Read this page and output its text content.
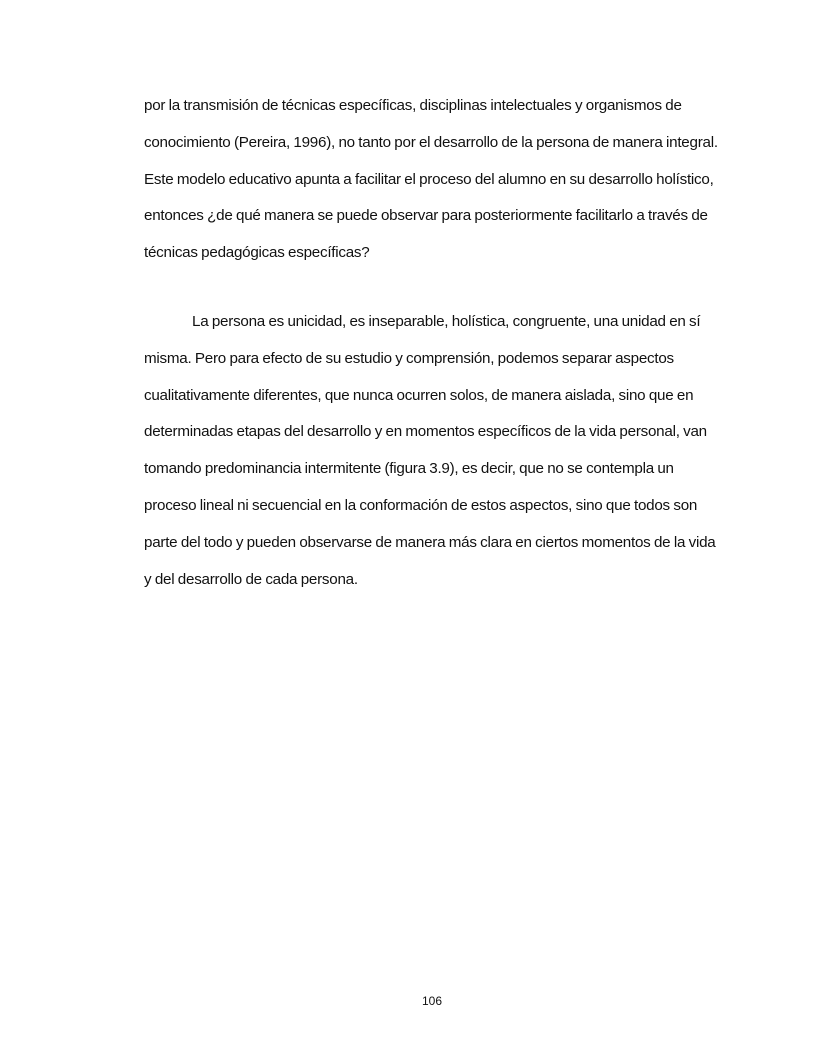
por la transmisión de técnicas específicas, disciplinas intelectuales y organismos de
conocimiento (Pereira, 1996), no tanto por el desarrollo de la persona de manera integral.
Este modelo educativo apunta a facilitar el proceso del alumno en su desarrollo holístico,
entonces ¿de qué manera se puede observar para posteriormente facilitarlo a través de
técnicas pedagógicas específicas?
La persona es unicidad, es inseparable, holística, congruente, una unidad en sí
misma. Pero para efecto de su estudio y comprensión, podemos separar aspectos
cualitativamente diferentes, que nunca ocurren solos, de manera aislada, sino que en
determinadas etapas del desarrollo y en momentos específicos de la vida personal, van
tomando predominancia intermitente (figura 3.9), es decir, que no se contempla un
proceso lineal ni secuencial en la conformación de estos aspectos, sino que todos son
parte del todo y pueden observarse de manera más clara en ciertos momentos de la vida
y del desarrollo de cada persona.
106
